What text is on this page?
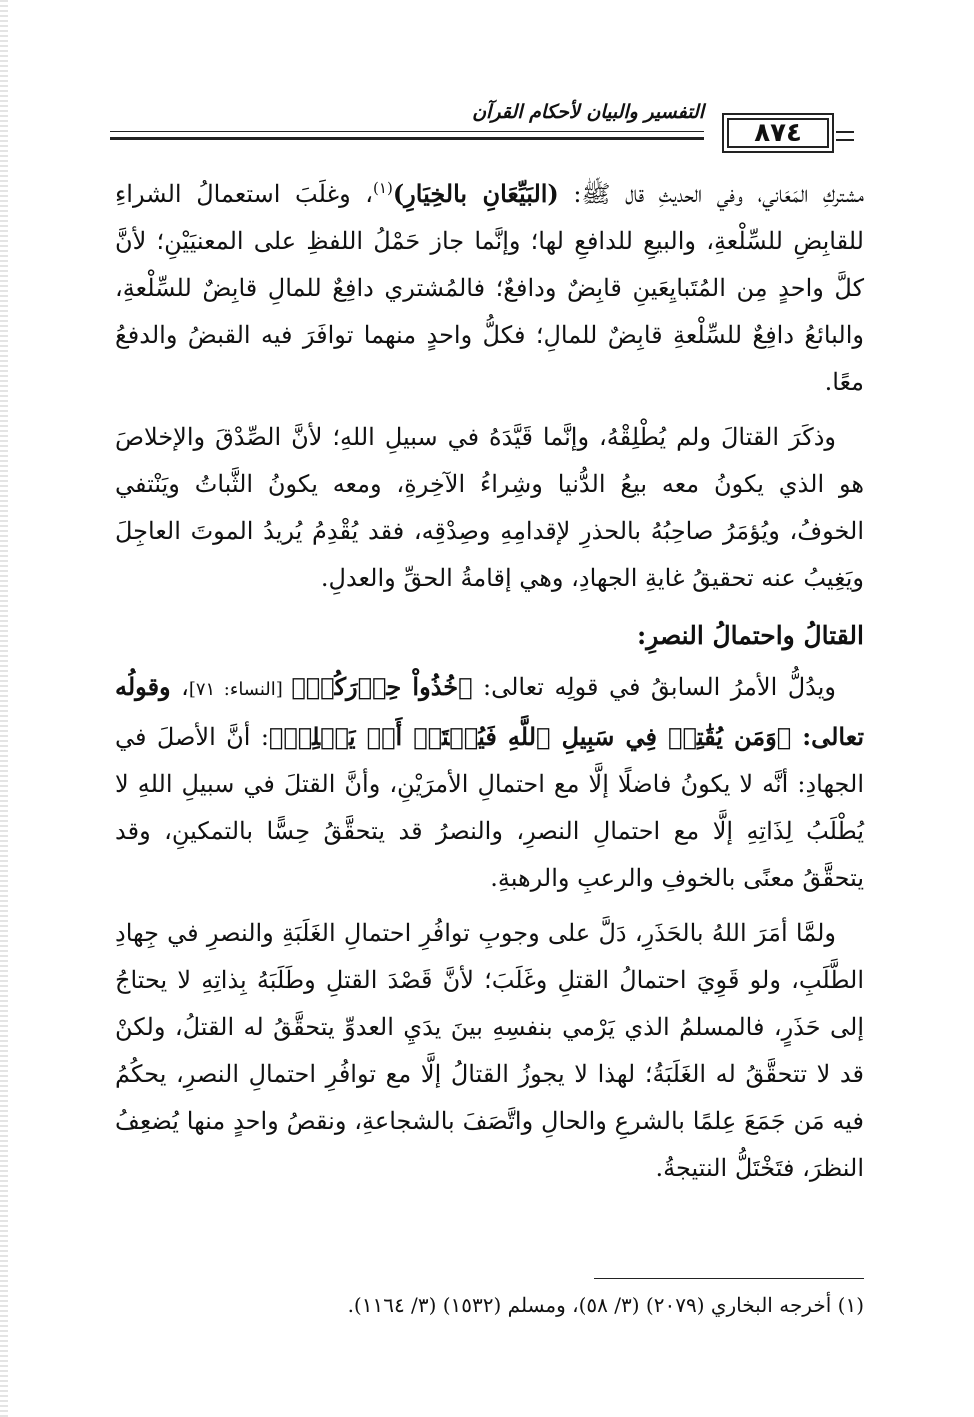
التفسير والبيان لأحكام القرآن
٨٧٤

مشتركِ المَعَاني، وفي الحديثِ قال ﷺ: (البَيِّعَانِ بالخِيَارِ)$^{(١)}$، وغلَبَ استعمالُ الشراءِ للقابِضِ للسِّلْعةِ، والبيعِ للدافعِ لها؛ وإنَّما جاز حَمْلُ اللفظِ على المعنيَيْنِ؛ لأنَّ كلَّ واحدٍ مِن المُتَبايِعَينِ قابِضٌ ودافعٌ؛ فالمُشتري دافِعٌ للمالِ قابِضٌ للسِّلْعةِ، والبائعُ دافِعٌ للسِّلْعةِ قابِضٌ للمالِ؛ فكلُّ واحدٍ منهما توافَرَ فيه القبضُ والدفعُ معًا.

وذكَرَ القتالَ ولم يُطْلِقْهُ، وإنَّما قَيَّدَهُ في سبيلِ اللهِ؛ لأنَّ الصِّدْقَ والإخلاصَ هو الذي يكونُ معه بيعُ الدُّنيا وشِراءُ الآخِرةِ، ومعه يكونُ الثَّباتُ ويَنْتفي الخوفُ، ويُؤمَرُ صاحِبُهُ بالحذرِ لإقدامِهِ وصِدْقِه، فقد يُقْدِمُ يُريدُ الموتَ العاجِلَ ويَغِيبُ عنه تحقيقُ غايةِ الجهادِ، وهي إقامةُ الحقِّ والعدلِ.

القتالُ واحتمالُ النصرِ:

ويدُلُّ الأمرُ السابقُ في قولِه تعالى: ﴿خُذُواْ حِذۡرَكُمۡ﴾ [النساء: ٧١]، وقولُه تعالى: ﴿وَمَن يُقَٰتِلۡ فِي سَبِيلِ ٱللَّهِ فَيُقۡتَلۡ أَوۡ يَغۡلِبۡ﴾: أنَّ الأصلَ في الجهادِ: أنَّه لا يكونُ فاضلًا إلَّا مع احتمالِ الأمرَيْنِ، وأنَّ القتلَ في سبيلِ اللهِ لا يُطْلَبُ لِذَاتِهِ إلَّا مع احتمالِ النصرِ، والنصرُ قد يتحقَّقُ حِسًّا بالتمكينِ، وقد يتحقَّقُ معنًى بالخوفِ والرعبِ والرهبةِ.

ولمَّا أمَرَ اللهُ بالحَذَرِ، دَلَّ على وجوبِ توافُرِ احتمالِ الغَلَبَةِ والنصرِ في جِهادِ الطَّلَبِ، ولو قَوِيَ احتمالُ القتلِ وغَلَبَ؛ لأنَّ قَصْدَ القتلِ وطَلَبَهُ بِذاتِهِ لا يحتاجُ إلى حَذَرٍ، فالمسلمُ الذي يَرْمي بنفسِهِ بينَ يدَيِ العدوِّ يتحقَّقُ له القتلُ، ولكنْ قد لا تتحقَّقُ له الغَلَبَةُ؛ لهذا لا يجوزُ القتالُ إلَّا مع توافُرِ احتمالِ النصرِ، يحكُمُ فيه مَن جَمَعَ عِلمًا بالشرعِ والحالِ واتَّصَفَ بالشجاعةِ، ونقصُ واحدٍ منها يُضعِفُ النظرَ، فتَخْتَلُّ النتيجةُ.

(١) أخرجه البخاري (٢٠٧٩) (٣/ ٥٨)، ومسلم (١٥٣٢) (٣/ ١١٦٤).
